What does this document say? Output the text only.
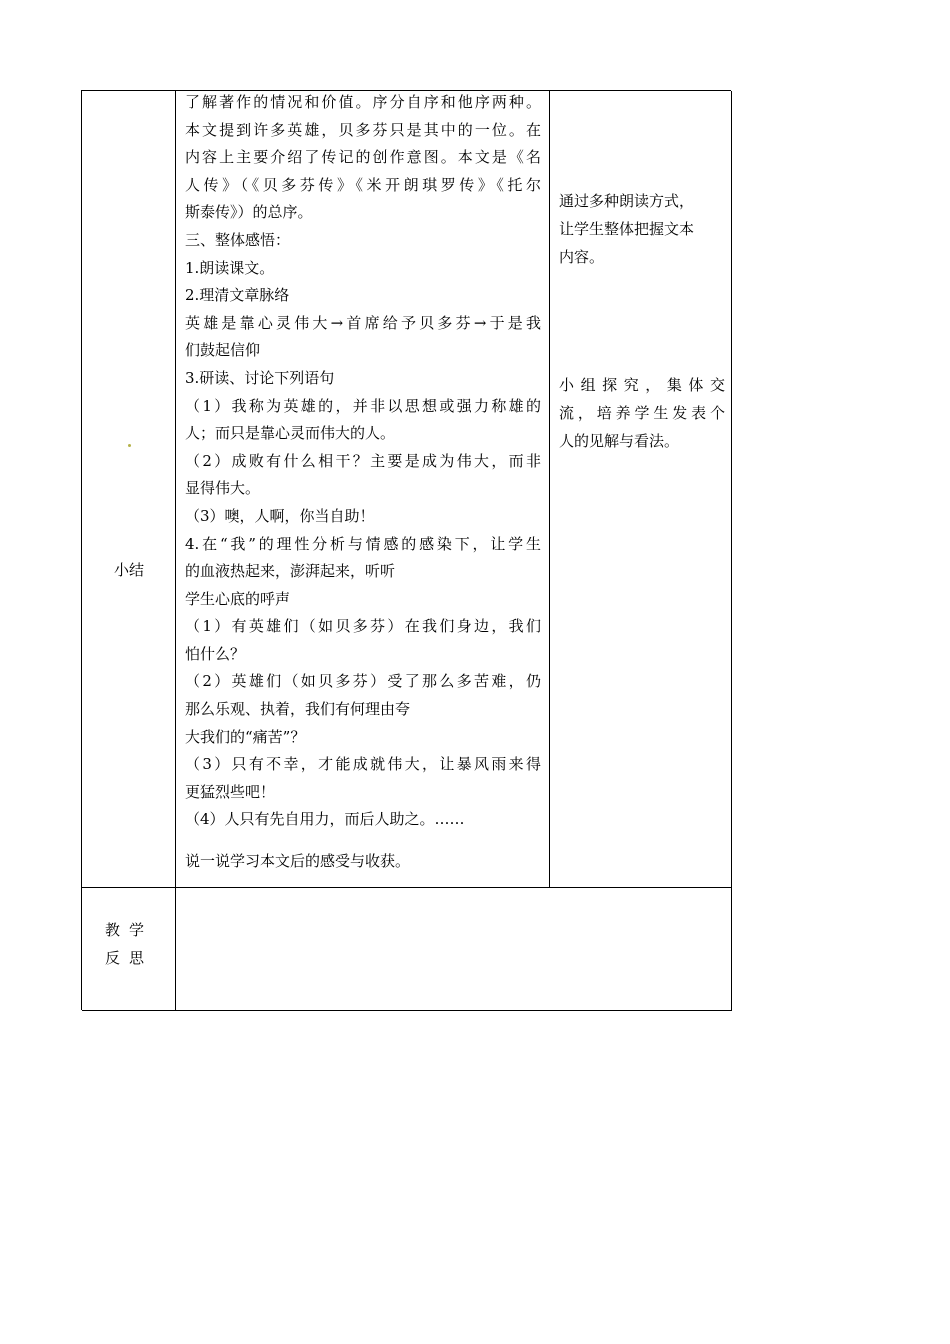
小结
了解著作的情况和价值。序分自序和他序两种。
本文提到许多英雄，贝多芬只是其中的一位。在
内容上主要介绍了传记的创作意图。本文是《名
人传》（《贝多芬传》《米开朗琪罗传》《托尔
斯泰传》）的总序。
三、整体感悟：
1.朗读课文。
2.理清文章脉络
英雄是靠心灵伟大→首席给予贝多芬→于是我
们鼓起信仰
3.研读、讨论下列语句
（1）我称为英雄的，并非以思想或强力称雄的
人；而只是靠心灵而伟大的人。
（2）成败有什么相干？主要是成为伟大，而非
显得伟大。
（3）噢，人啊，你当自助！
4.在“我”的理性分析与情感的感染下，让学生
的血液热起来，澎湃起来，听听
学生心底的呼声
（1）有英雄们（如贝多芬）在我们身边，我们
怕什么？
（2）英雄们（如贝多芬）受了那么多苦难，仍
那么乐观、执着，我们有何理由夸
大我们的“痛苦”？
（3）只有不幸，才能成就伟大，让暴风雨来得
更猛烈些吧！
（4）人只有先自用力，而后人助之。……
说一说学习本文后的感受与收获。
通过多种朗读方式，
让学生整体把握文本
内容。
小组探究，集体交
流，培养学生发表个
人的见解与看法。
教学
反思
